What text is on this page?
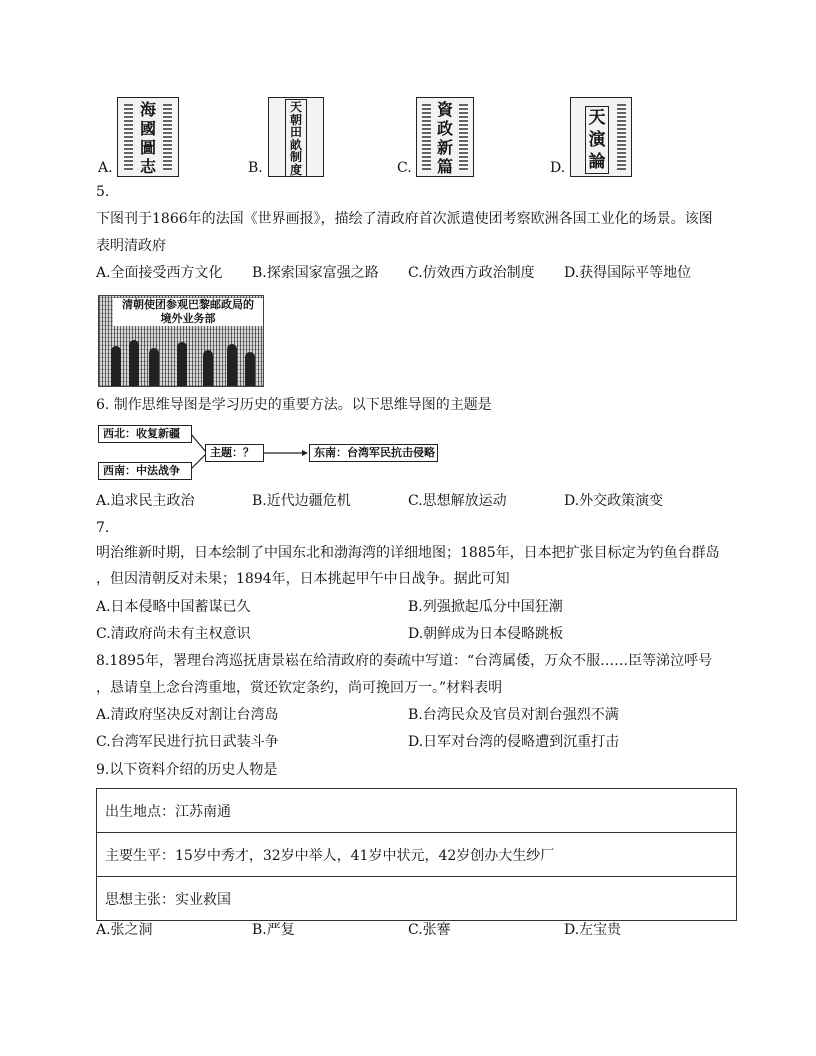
海國圖志
A.
天朝田畝制度
B.
資政新篇
C.
天演論
D.
5.
下图刊于1866年的法国《世界画报》，描绘了清政府首次派遣使团考察欧洲各国工业化的场景。该图
表明清政府
A.全面接受西方文化 B.探索国家富强之路 C.仿效西方政治制度 D.获得国际平等地位
清朝使团参观巴黎邮政局的
境外业务部
6. 制作思维导图是学习历史的重要方法。以下思维导图的主题是
西北：收复新疆
西南：中法战争
主题：？	东南：台湾军民抗击侵略
A.追求民主政治	B.近代边疆危机	C.思想解放运动	D.外交政策演变
7.
明治维新时期，日本绘制了中国东北和渤海湾的详细地图；1885年，日本把扩张目标定为钓鱼台群岛
，但因清朝反对未果；1894年，日本挑起甲午中日战争。据此可知
A.日本侵略中国蓄谋已久	B.列强掀起瓜分中国狂潮
C.清政府尚未有主权意识	D.朝鲜成为日本侵略跳板
8.1895年，署理台湾巡抚唐景崧在给清政府的奏疏中写道：“台湾属倭，万众不服……臣等涕泣呼号
，恳请皇上念台湾重地，赏还钦定条约，尚可挽回万一。”材料表明
A.清政府坚决反对割让台湾岛	B.台湾民众及官员对割台强烈不满
C.台湾军民进行抗日武装斗争	D.日军对台湾的侵略遭到沉重打击
9.以下资料介绍的历史人物是
出生地点：江苏南通
主要生平：15岁中秀才，32岁中举人，41岁中状元，42岁创办大生纱厂
思想主张：实业救国
A.张之洞	B.严复	C.张謇	D.左宝贵
